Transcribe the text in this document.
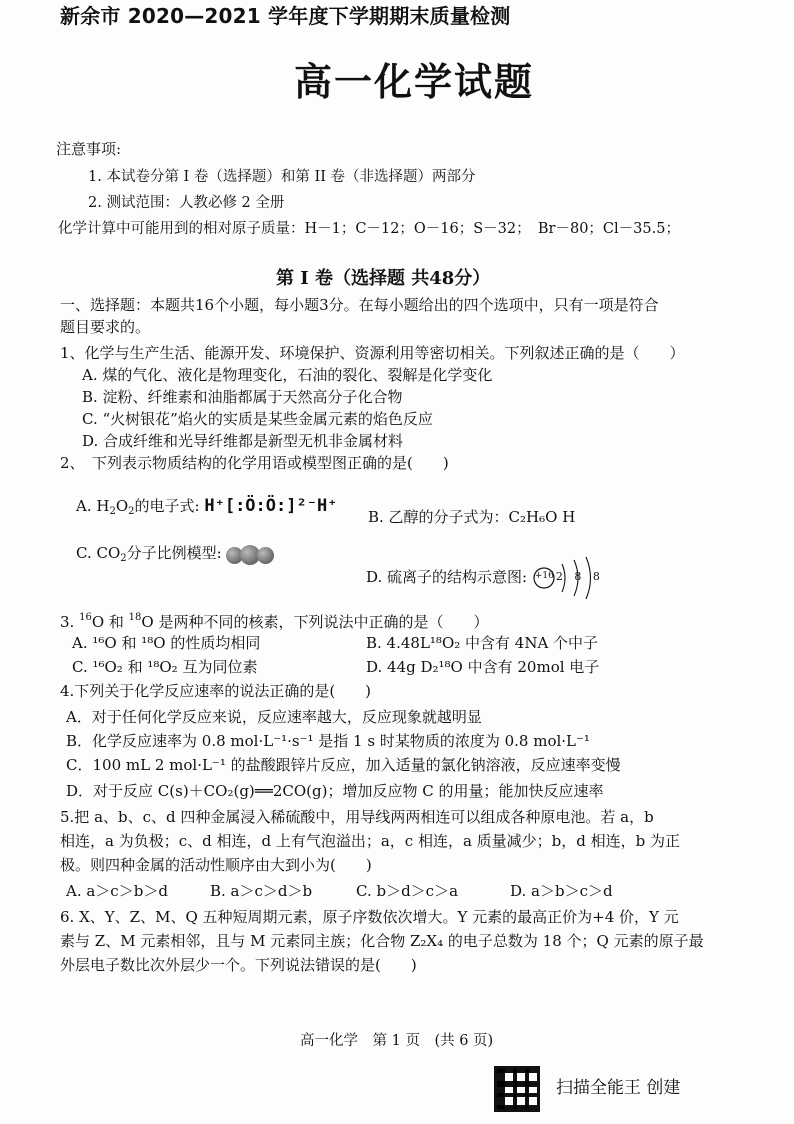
新余市 2020—2021 学年度下学期期末质量检测
高一化学试题
注意事项:
1. 本试卷分第 I 卷（选择题）和第 II 卷（非选择题）两部分
2. 测试范围：人教必修 2 全册
化学计算中可能用到的相对原子质量：H－1；C－12；O－16；S－32；　Br－80；Cl－35.5；
第 I 卷（选择题 共48分）
一、选择题：本题共16个小题，每小题3分。在每小题给出的四个选项中，只有一项是符合
题目要求的。
1、化学与生产生活、能源开发、环境保护、资源利用等密切相关。下列叙述正确的是（　　）
A. 煤的气化、液化是物理变化，石油的裂化、裂解是化学变化
B. 淀粉、纤维素和油脂都属于天然高分子化合物
C. “火树银花”焰火的实质是某些金属元素的焰色反应
D. 合成纤维和光导纤维都是新型无机非金属材料
2、　下列表示物质结构的化学用语或模型图正确的是(　　)
A. $H_2O_2$的电子式: H⁺[:Ö:Ö:]²⁻H⁺
B. 乙醇的分子式为：C₂H₆O H
C. $CO_2$分子比例模型:
D. 硫离子的结构示意图: +16 2 8 8
3. $^{16}$O 和 $^{18}$O 是两种不同的核素，下列说法中正确的是（　　）
A. ¹⁶O 和 ¹⁸O 的性质均相同	B. 4.48L¹⁸O₂ 中含有 4NA 个中子
C. ¹⁶O₂ 和 ¹⁸O₂ 互为同位素	D. 44g D₂¹⁸O 中含有 20mol 电子
4.下列关于化学反应速率的说法正确的是(　　)
A．对于任何化学反应来说，反应速率越大，反应现象就越明显
B．化学反应速率为 0.8 mol·L⁻¹·s⁻¹ 是指 1 s 时某物质的浓度为 0.8 mol·L⁻¹
C．100 mL 2 mol·L⁻¹ 的盐酸跟锌片反应，加入适量的氯化钠溶液，反应速率变慢
D．对于反应 C(s)＋CO₂(g)══2CO(g)；增加反应物 C 的用量；能加快反应速率
5.把 a、b、c、d 四种金属浸入稀硫酸中，用导线两两相连可以组成各种原电池。若 a，b
相连，a 为负极；c、d 相连，d 上有气泡溢出；a，c 相连，a 质量减少；b，d 相连，b 为正
极。则四种金属的活动性顺序由大到小为(　　)
A. a＞c＞b＞d	B. a＞c＞d＞b	C. b＞d＞c＞a	D. a＞b＞c＞d
6. X、Y、Z、M、Q 五种短周期元素，原子序数依次增大。Y 元素的最高正价为+4 价，Y 元
素与 Z、M 元素相邻，且与 M 元素同主族；化合物 Z₂X₄ 的电子总数为 18 个；Q 元素的原子最
外层电子数比次外层少一个。下列说法错误的是(　　)
高一化学　第 1 页　(共 6 页)
扫描全能王 创建
